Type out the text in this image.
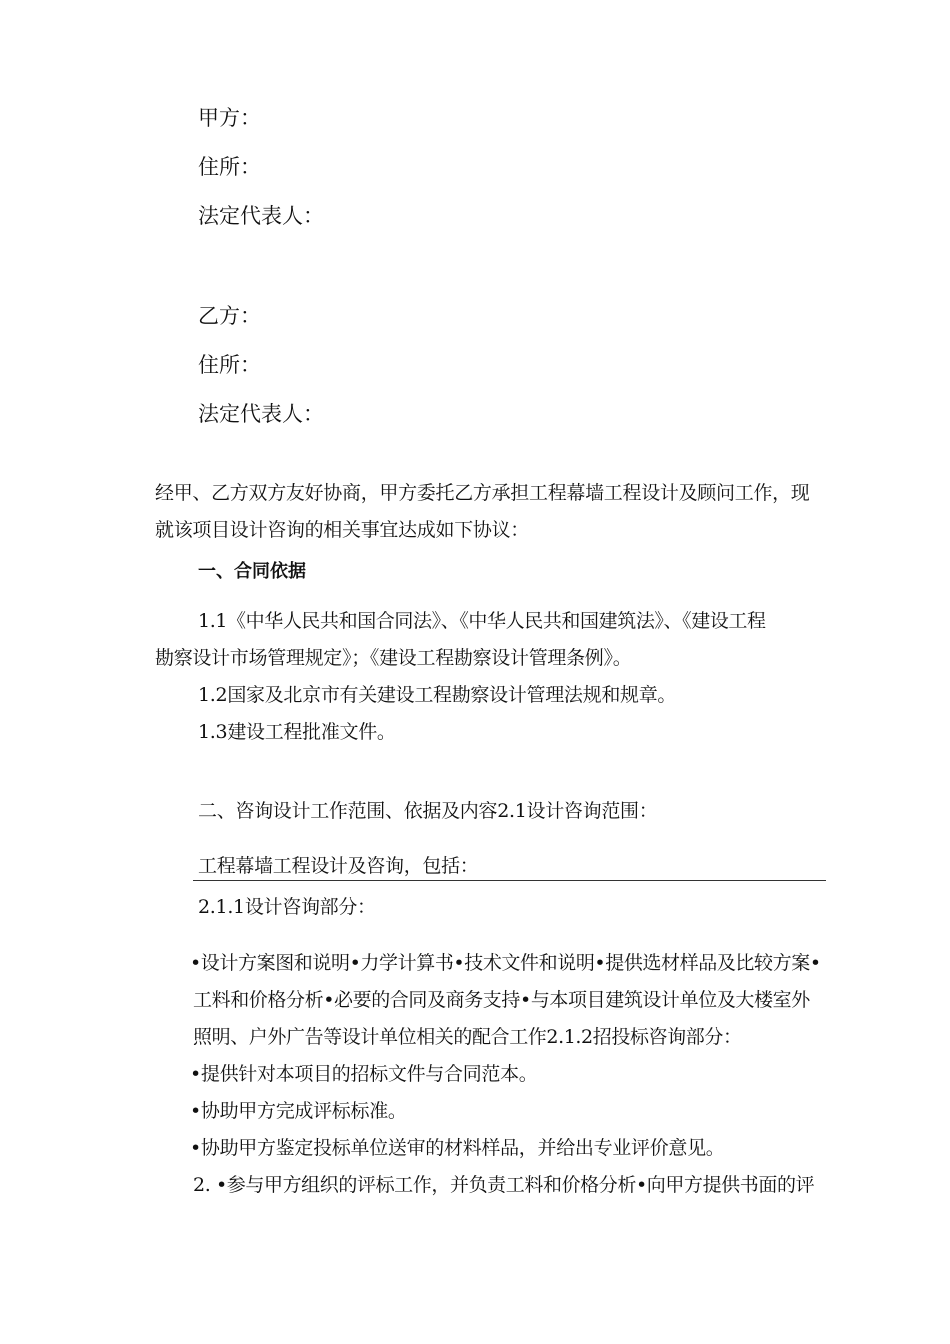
甲方：
住所：
法定代表人：
乙方：
住所：
法定代表人：
经甲、乙方双方友好协商，甲方委托乙方承担工程幕墙工程设计及顾问工作，现
就该项目设计咨询的相关事宜达成如下协议：
一、合同依据
1.1《中华人民共和国合同法》、《中华人民共和国建筑法》、《建设工程
勘察设计市场管理规定》；《建设工程勘察设计管理条例》。
1.2国家及北京市有关建设工程勘察设计管理法规和规章。
1.3建设工程批准文件。
二、咨询设计工作范围、依据及内容2.1设计咨询范围：
工程幕墙工程设计及咨询，包括：
2.1.1设计咨询部分：
•设计方案图和说明•力学计算书•技术文件和说明•提供选材样品及比较方案•
工料和价格分析•必要的合同及商务支持•与本项目建筑设计单位及大楼室外
照明、户外广告等设计单位相关的配合工作2.1.2招投标咨询部分：
•提供针对本项目的招标文件与合同范本。
•协助甲方完成评标标准。
•协助甲方鉴定投标单位送审的材料样品，并给出专业评价意见。
2. •参与甲方组织的评标工作，并负责工料和价格分析•向甲方提供书面的评
